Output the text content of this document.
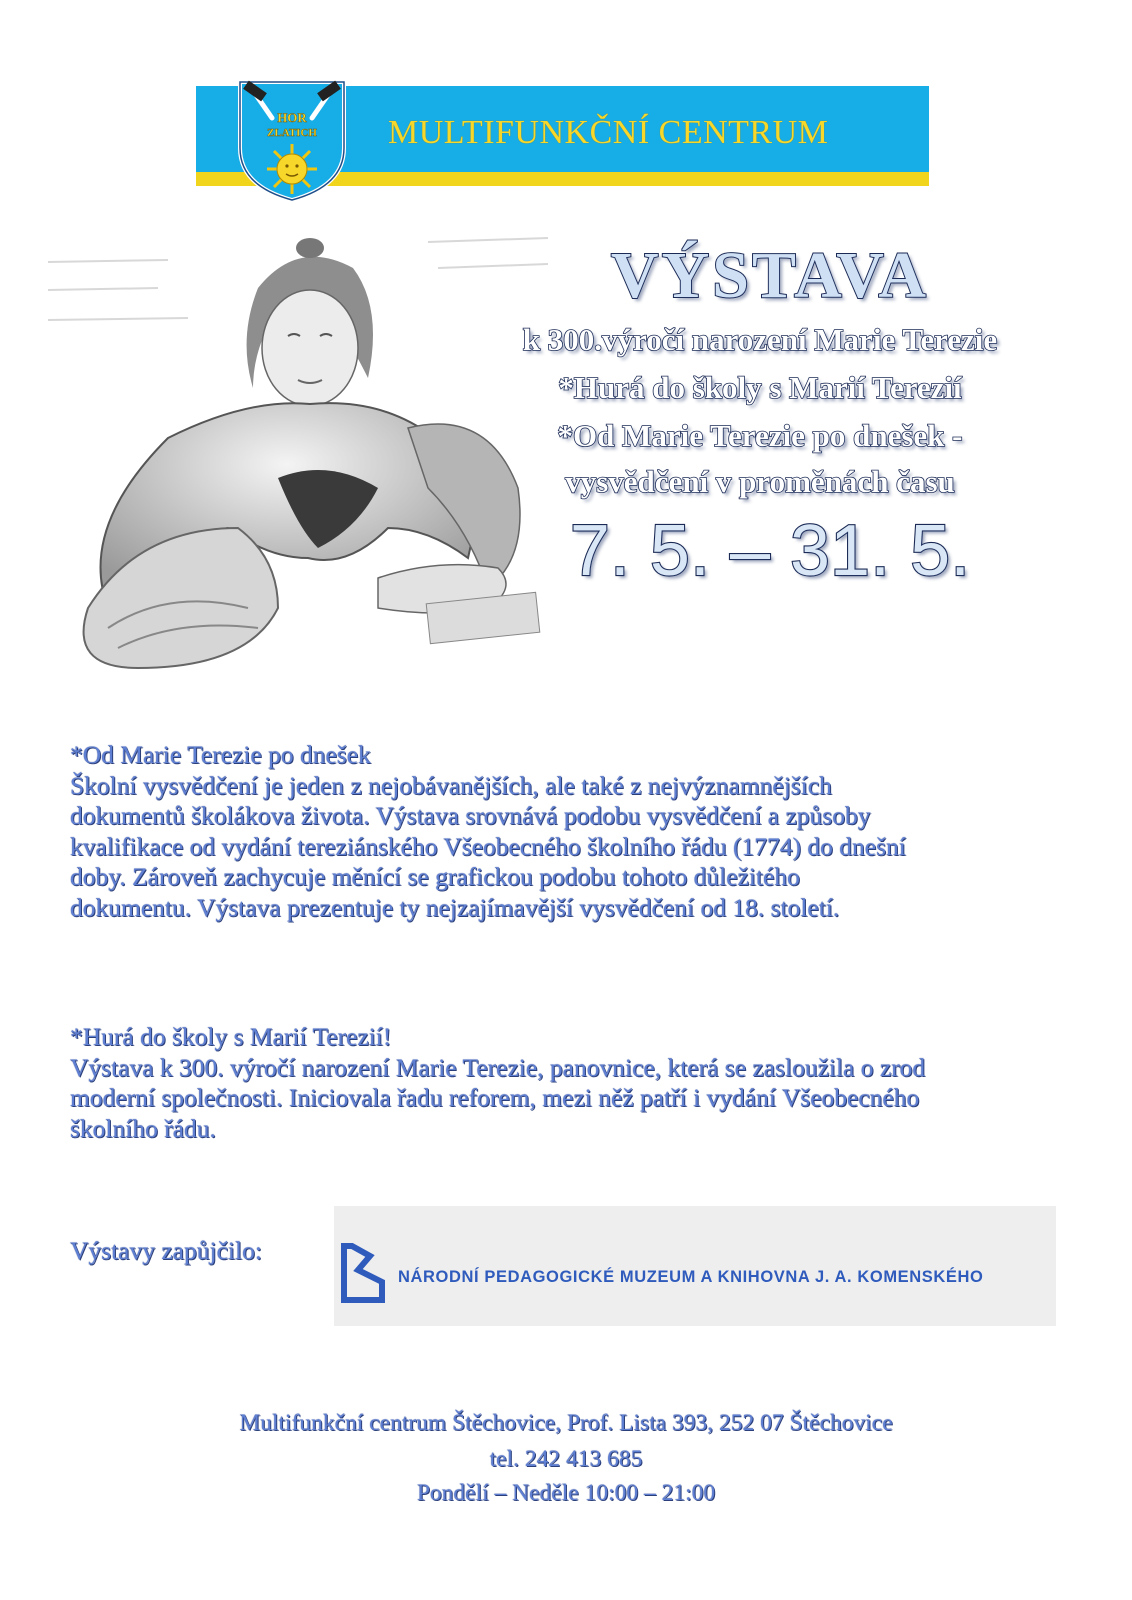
MULTIFUNKČNÍ CENTRUM
HOR
ZLATICH
VÝSTAVA
k 300.výročí narození Marie Terezie
*Hurá do školy s Marií Terezií
*Od Marie Terezie po dnešek -
vysvědčení v proměnách času
7. 5. – 31. 5.

*Od Marie Terezie po dnešek

Školní vysvědčení je jeden z nejobávanějších, ale také z nejvýznamnějších

dokumentů školákova života. Výstava srovnává podobu vysvědčení a způsoby

kvalifikace od vydání tereziánského Všeobecného školního řádu (1774) do dnešní

doby. Zároveň zachycuje měnící se grafickou podobu tohoto důležitého

dokumentu. Výstava prezentuje ty nejzajímavější vysvědčení od 18. století.

*Hurá do školy s Marií Terezií!

Výstava k 300. výročí narození Marie Terezie, panovnice, která se zasloužila o zrod

moderní společnosti. Iniciovala řadu reforem, mezi něž patří i vydání Všeobecného

školního řádu.

Výstavy zapůjčilo:
NÁRODNÍ PEDAGOGICKÉ MUZEUM A KNIHOVNA J. A. KOMENSKÉHO
Multifunkční centrum Štěchovice, Prof. Lista 393, 252 07 Štěchovice
tel. 242 413 685
Pondělí – Neděle 10:00 – 21:00
